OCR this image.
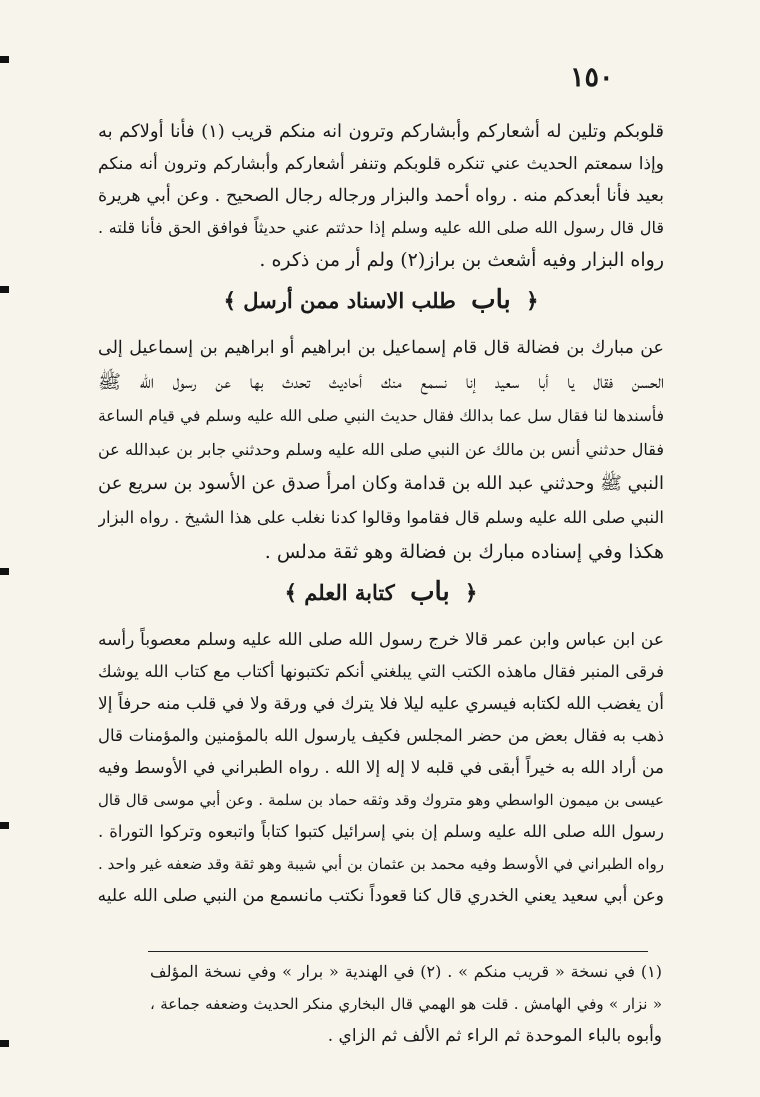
١٥٠
قلوبكم وتلين له أشعاركم وأبشاركم وترون انه منكم قريب (١) فأنا أولاكم به
وإذا سمعتم الحديث عني تنكره قلوبكم وتنفر أشعاركم وأبشاركم وترون أنه منكم
بعيد فأنا أبعدكم منه . رواه أحمد والبزار ورجاله رجال الصحيح . وعن أبي هريرة
قال قال رسول الله صلى الله عليه وسلم إذا حدثتم عني حديثاً فوافق الحق فأنا قلته .
رواه البزار وفيه أشعث بن براز(٢) ولم أر من ذكره .
﴿ باب طلب الاسناد ممن أرسل ﴾
عن مبارك بن فضالة قال قام إسماعيل بن ابراهيم أو ابراهيم بن إسماعيل إلى
الحسن فقال يا أبا سعيد إنا نسمع منك أحاديث تحدث بها عن رسول الله ﷺ
فأسندها لنا فقال سل عما بدالك فقال حديث النبي صلى الله عليه وسلم في قيام الساعة
فقال حدثني أنس بن مالك عن النبي صلى الله عليه وسلم وحدثني جابر بن عبدالله عن
النبي ﷺ وحدثني عبد الله بن قدامة وكان امرأ صدق عن الأسود بن سريع عن
النبي صلى الله عليه وسلم قال فقاموا وقالوا كدنا نغلب على هذا الشيخ . رواه البزار
هكذا وفي إسناده مبارك بن فضالة وهو ثقة مدلس .
﴿ باب كتابة العلم ﴾
عن ابن عباس وابن عمر قالا خرج رسول الله صلى الله عليه وسلم معصوباً رأسه
فرقى المنبر فقال ماهذه الكتب التي يبلغني أنكم تكتبونها أكتاب مع كتاب الله يوشك
أن يغضب الله لكتابه فيسري عليه ليلا فلا يترك في ورقة ولا في قلب منه حرفاً إلا
ذهب به فقال بعض من حضر المجلس فكيف يارسول الله بالمؤمنين والمؤمنات قال
من أراد الله به خيراً أبقى في قلبه لا إله إلا الله . رواه الطبراني في الأوسط وفيه
عيسى بن ميمون الواسطي وهو متروك وقد وثقه حماد بن سلمة . وعن أبي موسى قال قال
رسول الله صلى الله عليه وسلم إن بني إسرائيل كتبوا كتاباً واتبعوه وتركوا التوراة .
رواه الطبراني في الأوسط وفيه محمد بن عثمان بن أبي شيبة وهو ثقة وقد ضعفه غير واحد .
وعن أبي سعيد يعني الخدري قال كنا قعوداً نكتب مانسمع من النبي صلى الله عليه
(١) في نسخة « قريب منكم » . (٢) في الهندية « برار » وفي نسخة المؤلف
« نزار » وفي الهامش . قلت هو الهمي قال البخاري منكر الحديث وضعفه جماعة ،
وأبوه بالباء الموحدة ثم الراء ثم الألف ثم الزاي .
